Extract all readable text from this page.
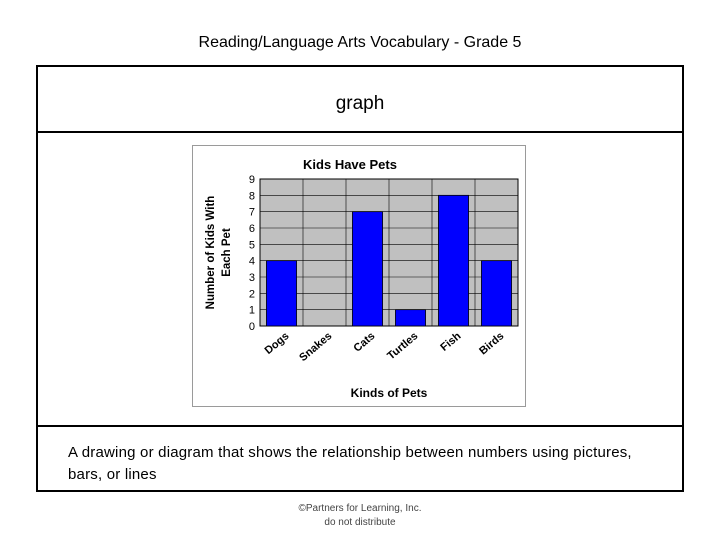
Reading/Language Arts Vocabulary - Grade 5
graph
Kids Have Pets
Number of Kids With Each Pet
0
1
2
3
4
5
6
7
8
9
Dogs Snakes Cats Turtles Fish Birds
Kinds of Pets
A drawing or diagram that shows the relationship between numbers using pictures, bars, or lines
©Partners for Learning, Inc.
do not distribute
